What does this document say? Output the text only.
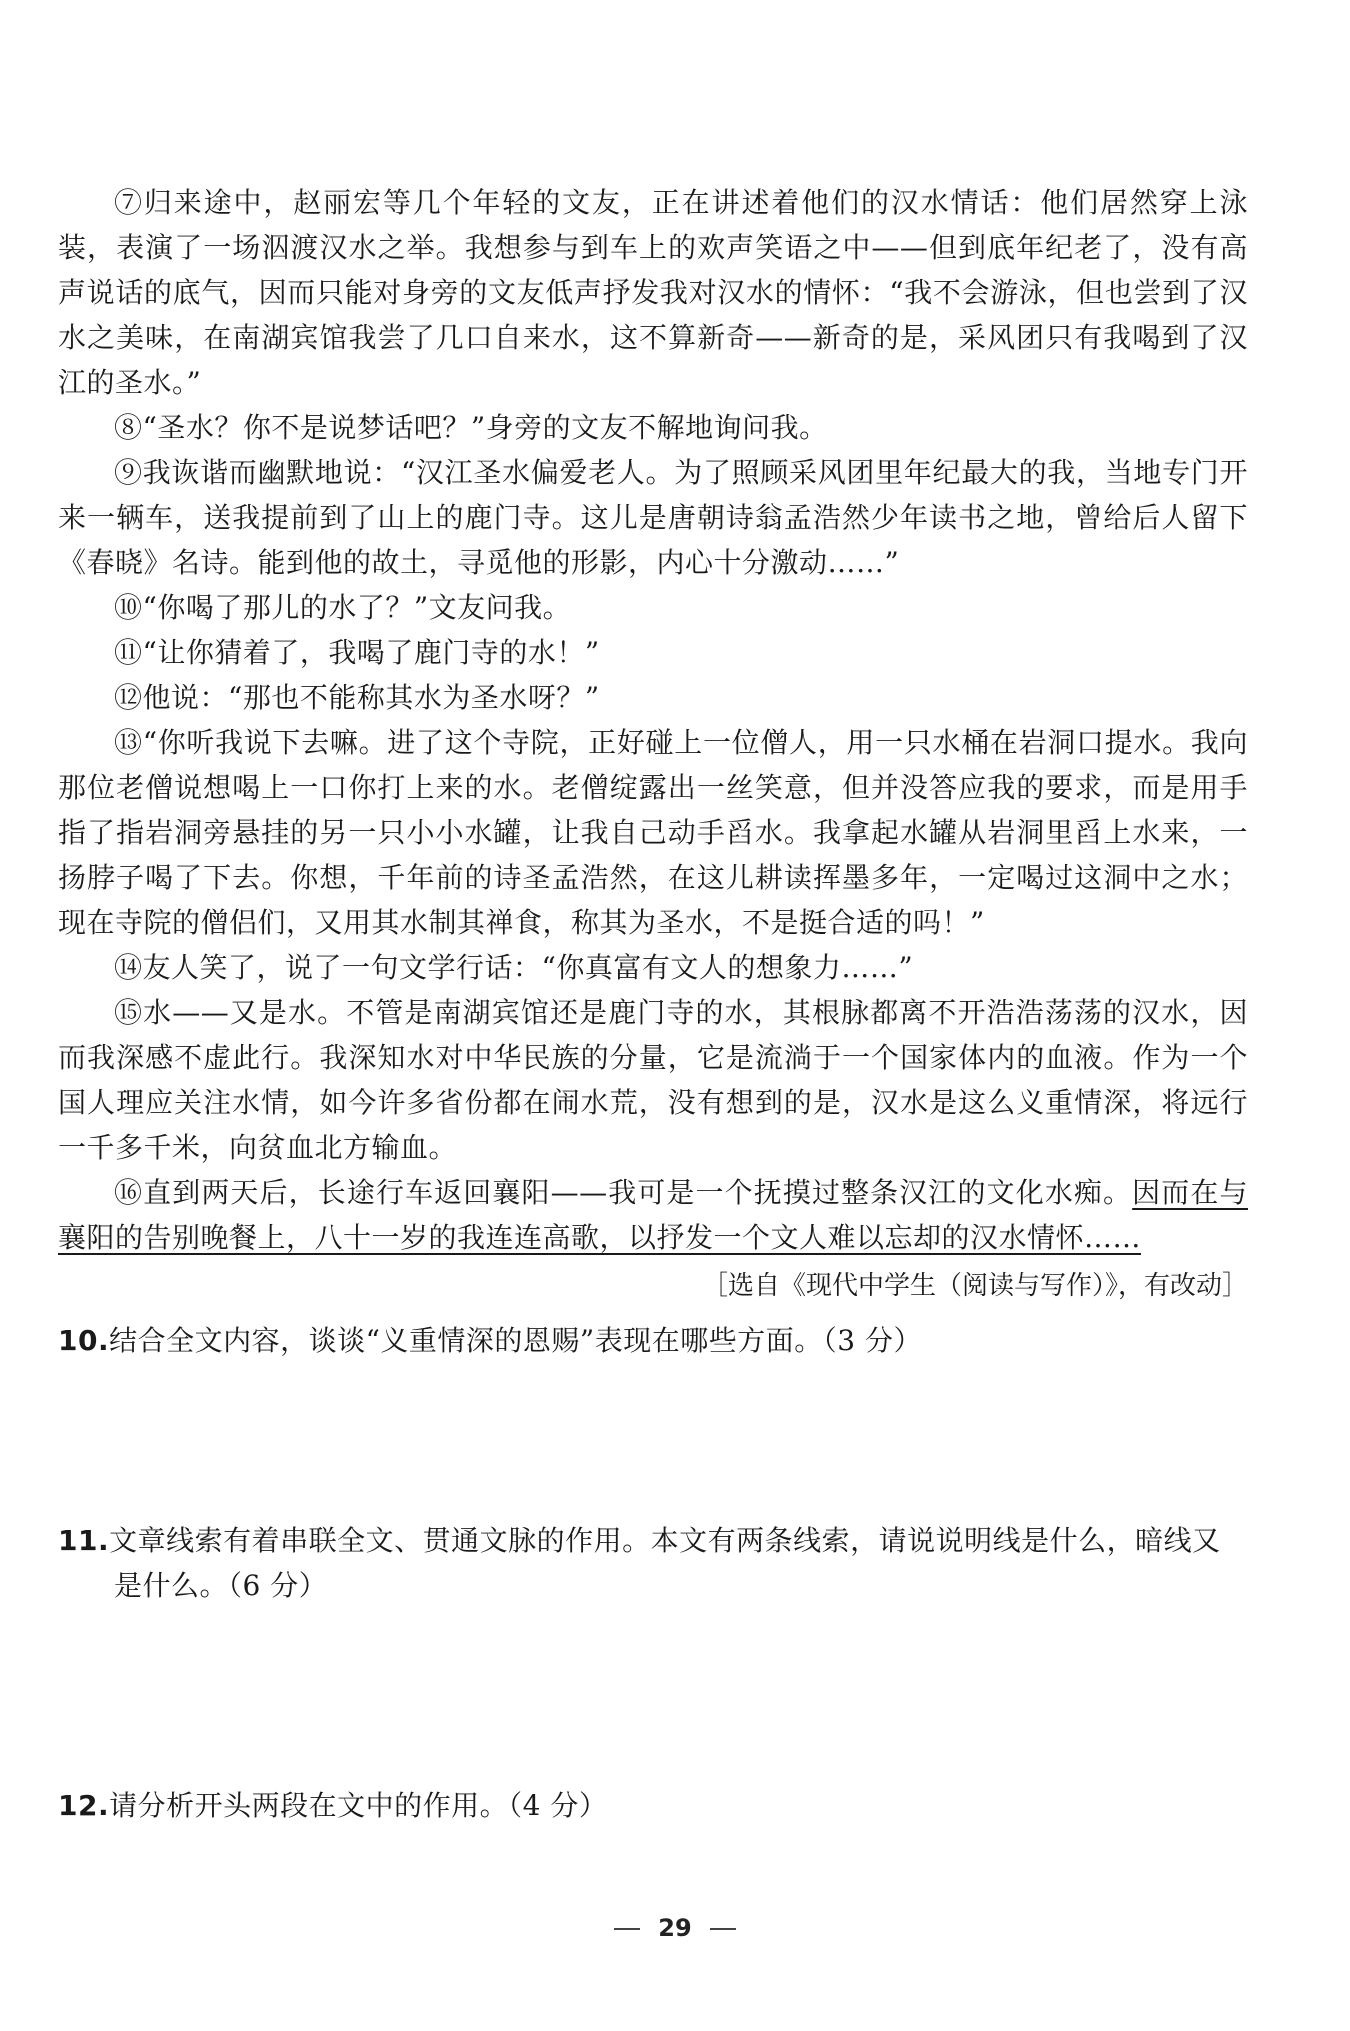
⑦归来途中，赵丽宏等几个年轻的文友，正在讲述着他们的汉水情话：他们居然穿上泳装，表演了一场泅渡汉水之举。我想参与到车上的欢声笑语之中——但到底年纪老了，没有高声说话的底气，因而只能对身旁的文友低声抒发我对汉水的情怀：“我不会游泳，但也尝到了汉水之美味，在南湖宾馆我尝了几口自来水，这不算新奇——新奇的是，采风团只有我喝到了汉江的圣水。”

⑧“圣水？你不是说梦话吧？”身旁的文友不解地询问我。

⑨我诙谐而幽默地说：“汉江圣水偏爱老人。为了照顾采风团里年纪最大的我，当地专门开来一辆车，送我提前到了山上的鹿门寺。这儿是唐朝诗翁孟浩然少年读书之地，曾给后人留下《春晓》名诗。能到他的故土，寻觅他的形影，内心十分激动……”

⑩“你喝了那儿的水了？”文友问我。

⑪“让你猜着了，我喝了鹿门寺的水！”

⑫他说：“那也不能称其水为圣水呀？”

⑬“你听我说下去嘛。进了这个寺院，正好碰上一位僧人，用一只水桶在岩洞口提水。我向那位老僧说想喝上一口你打上来的水。老僧绽露出一丝笑意，但并没答应我的要求，而是用手指了指岩洞旁悬挂的另一只小小水罐，让我自己动手舀水。我拿起水罐从岩洞里舀上水来，一扬脖子喝了下去。你想，千年前的诗圣孟浩然，在这儿耕读挥墨多年，一定喝过这洞中之水；现在寺院的僧侣们，又用其水制其禅食，称其为圣水，不是挺合适的吗！”

⑭友人笑了，说了一句文学行话：“你真富有文人的想象力……”

⑮水——又是水。不管是南湖宾馆还是鹿门寺的水，其根脉都离不开浩浩荡荡的汉水，因而我深感不虚此行。我深知水对中华民族的分量，它是流淌于一个国家体内的血液。作为一个国人理应关注水情，如今许多省份都在闹水荒，没有想到的是，汉水是这么义重情深，将远行一千多千米，向贫血北方输血。

⑯直到两天后，长途行车返回襄阳——我可是一个抚摸过整条汉江的文化水痴。因而在与襄阳的告别晚餐上，八十一岁的我连连高歌，以抒发一个文人难以忘却的汉水情怀……

［选自《现代中学生（阅读与写作）》，有改动］

10.结合全文内容，谈谈“义重情深的恩赐”表现在哪些方面。（3 分）

11.文章线索有着串联全文、贯通文脉的作用。本文有两条线索，请说说明线是什么，暗线又是什么。（6 分）

12.请分析开头两段在文中的作用。（4 分）

29
